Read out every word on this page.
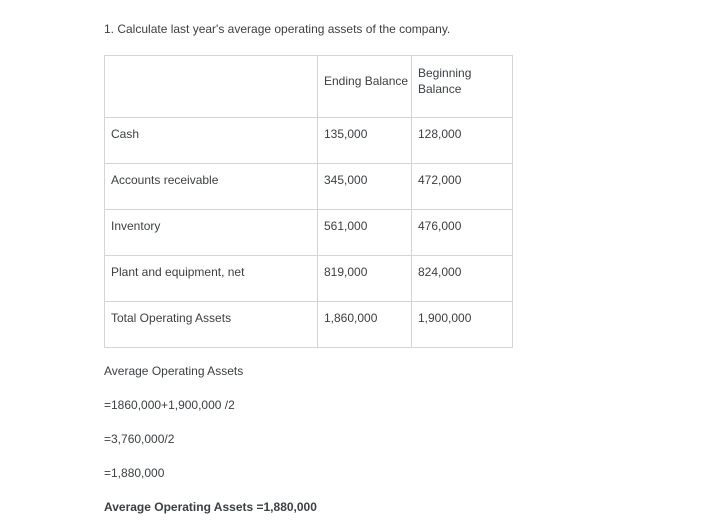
1. Calculate last year's average operating assets of the company.

	Ending Balance	Beginning Balance
Cash	135,000	128,000
Accounts receivable	345,000	472,000
Inventory	561,000	476,000
Plant and equipment, net	819,000	824,000
Total Operating Assets	1,860,000	1,900,000

Average Operating Assets

=1860,000+1,900,000 /2

=3,760,000/2

=1,880,000

Average Operating Assets =1,880,000
